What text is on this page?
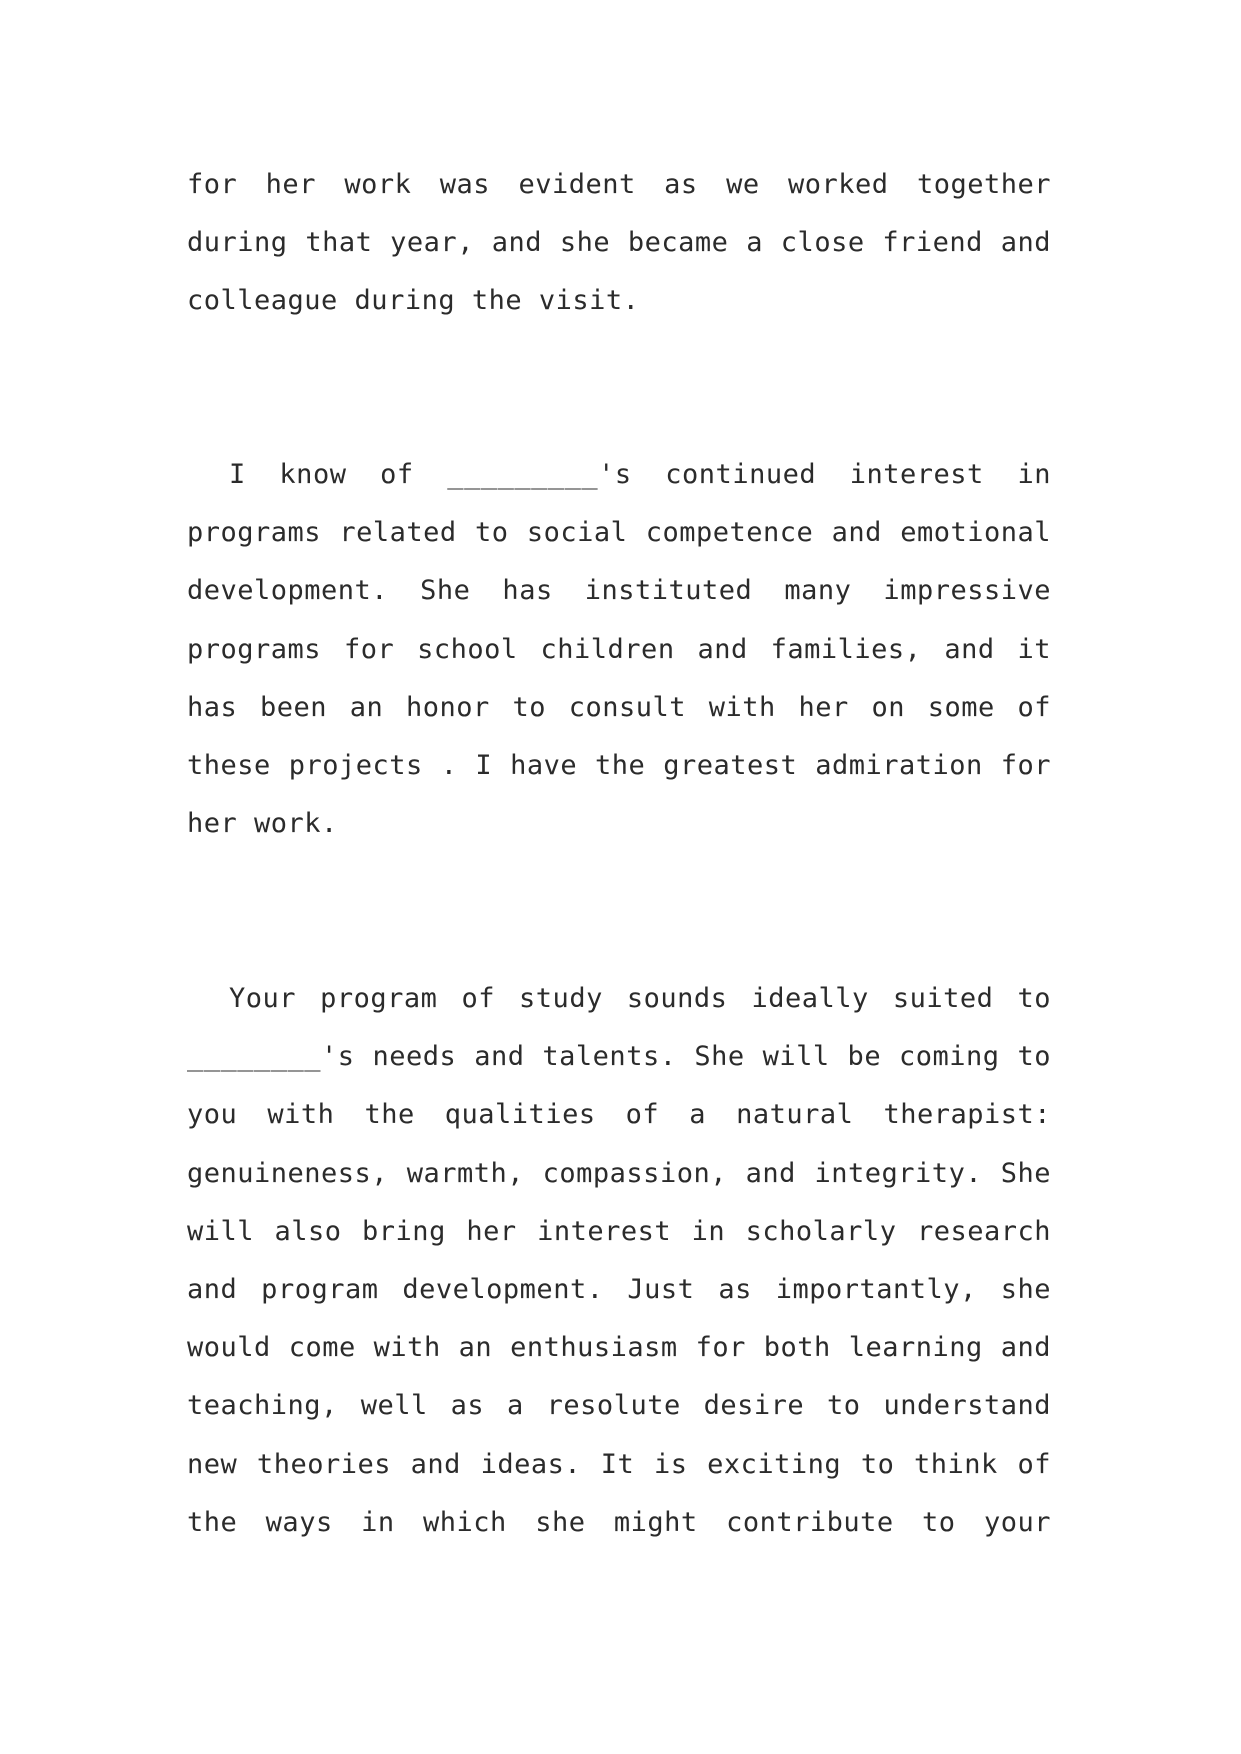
for her work was evident as we worked together
during that year, and she became a close friend and
colleague during the visit.
I know of _________'s continued interest in
programs related to social competence and emotional
development. She has instituted many impressive
programs for school children and families, and it
has been an honor to consult with her on some of
these projects . I have the greatest admiration for
her work.
Your program of study sounds ideally suited to
________'s needs and talents. She will be coming to
you with the qualities of a natural therapist:
genuineness, warmth, compassion, and integrity. She
will also bring her interest in scholarly research
and program development. Just as importantly, she
would come with an enthusiasm for both learning and
teaching, well as a resolute desire to understand
new theories and ideas. It is exciting to think of
the ways in which she might contribute to your
